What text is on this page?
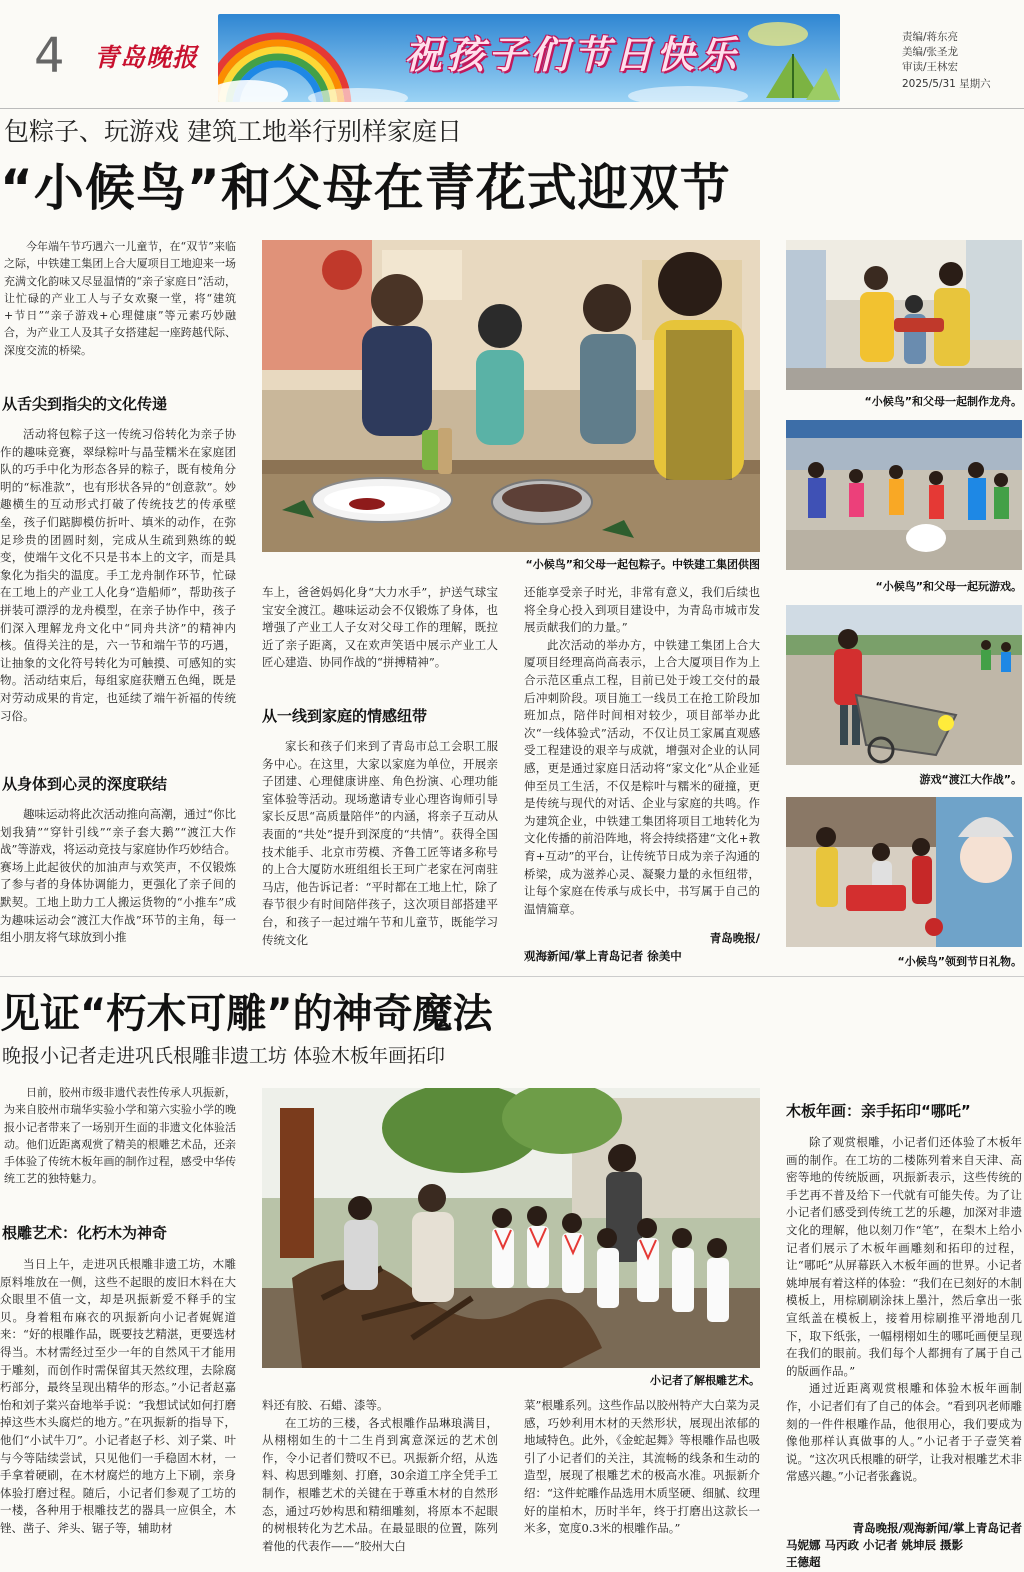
4 青岛晚报	祝孩子们节日快乐	责编/蒋东亮
美编/张圣龙
审读/王林宏
2025/5/31 星期六
包粽子、玩游戏 建筑工地举行别样家庭日
“小候鸟”和父母在青花式迎双节

今年端午节巧遇六一儿童节，在“双节”来临之际，中铁建工集团上合大厦项目工地迎来一场充满文化韵味又尽显温情的“亲子家庭日”活动，让忙碌的产业工人与子女欢聚一堂，将“建筑+节日”“亲子游戏+心理健康”等元素巧妙融合，为产业工人及其子女搭建起一座跨越代际、深度交流的桥梁。

从舌尖到指尖的文化传递

活动将包粽子这一传统习俗转化为亲子协作的趣味竞赛，翠绿粽叶与晶莹糯米在家庭团队的巧手中化为形态各异的粽子，既有棱角分明的“标准款”，也有形状各异的“创意款”。妙趣横生的互动形式打破了传统技艺的传承壁垒，孩子们踮脚模仿折叶、填米的动作，在弥足珍贵的团圆时刻，完成从生疏到熟练的蜕变，使端午文化不只是书本上的文字，而是具象化为指尖的温度。手工龙舟制作环节，忙碌在工地上的产业工人化身“造船师”，帮助孩子拼装可漂浮的龙舟模型，在亲子协作中，孩子们深入理解龙舟文化中“同舟共济”的精神内核。值得关注的是，六一节和端午节的巧遇，让抽象的文化符号转化为可触摸、可感知的实物。活动结束后，每组家庭获赠五色绳，既是对劳动成果的肯定，也延续了端午祈福的传统习俗。

从身体到心灵的深度联结

趣味运动将此次活动推向高潮，通过“你比划我猜”“穿针引线”“亲子套大鹅”“渡江大作战”等游戏，将运动竞技与家庭协作巧妙结合。赛场上此起彼伏的加油声与欢笑声，不仅锻炼了参与者的身体协调能力，更强化了亲子间的默契。工地上助力工人搬运货物的“小推车”成为趣味运动会“渡江大作战”环节的主角，每一组小朋友将气球放到小推

“小候鸟”和父母一起包粽子。中铁建工集团供图

车上，爸爸妈妈化身“大力水手”，护送气球宝宝安全渡江。趣味运动会不仅锻炼了身体，也增强了产业工人子女对父母工作的理解，既拉近了亲子距离，又在欢声笑语中展示产业工人匠心建造、协同作战的“拼搏精神”。

从一线到家庭的情感纽带

家长和孩子们来到了青岛市总工会职工服务中心。在这里，大家以家庭为单位，开展亲子团建、心理健康讲座、角色扮演、心理功能室体验等活动。现场邀请专业心理咨询师引导家长反思“高质量陪伴”的内涵，将亲子互动从表面的“共处”提升到深度的“共情”。获得全国技术能手、北京市劳模、齐鲁工匠等诸多称号的上合大厦防水班组组长王珂广老家在河南驻马店，他告诉记者：“平时都在工地上忙，除了春节很少有时间陪伴孩子，这次项目部搭建平台，和孩子一起过端午节和儿童节，既能学习传统文化

还能享受亲子时光，非常有意义，我们后续也将全身心投入到项目建设中，为青岛市城市发展贡献我们的力量。”

此次活动的举办方，中铁建工集团上合大厦项目经理高尚高表示，上合大厦项目作为上合示范区重点工程，目前已处于竣工交付的最后冲刺阶段。项目施工一线员工在抢工阶段加班加点，陪伴时间相对较少，项目部举办此次“一线体验式”活动，不仅让员工家属直观感受工程建设的艰辛与成就，增强对企业的认同感，更是通过家庭日活动将“家文化”从企业延伸至员工生活，不仅是粽叶与糯米的碰撞，更是传统与现代的对话、企业与家庭的共鸣。作为建筑企业，中铁建工集团将项目工地转化为文化传播的前沿阵地，将会持续搭建“文化+教育+互动”的平台，让传统节日成为亲子沟通的桥梁，成为滋养心灵、凝聚力量的永恒纽带，让每个家庭在传承与成长中，书写属于自己的温情篇章。

青岛晚报/
观海新闻/掌上青岛记者 徐美中
“小候鸟”和父母一起制作龙舟。
“小候鸟”和父母一起玩游戏。
游戏“渡江大作战”。
“小候鸟”领到节日礼物。
见证“朽木可雕”的神奇魔法
晚报小记者走进巩氏根雕非遗工坊 体验木板年画拓印

日前，胶州市级非遗代表性传承人巩振新，为来自胶州市瑞华实验小学和第六实验小学的晚报小记者带来了一场别开生面的非遗文化体验活动。他们近距离观赏了精美的根雕艺术品，还亲手体验了传统木板年画的制作过程，感受中华传统工艺的独特魅力。

根雕艺术：化朽木为神奇

当日上午，走进巩氏根雕非遗工坊，木雕原料堆放在一侧，这些不起眼的废旧木料在大众眼里不值一文，却是巩振新爱不释手的宝贝。身着粗布麻衣的巩振新向小记者娓娓道来：“好的根雕作品，既要技艺精湛，更要选材得当。木材需经过至少一年的自然风干才能用于雕刻，而创作时需保留其天然纹理，去除腐朽部分，最终呈现出精华的形态。”小记者赵嘉怡和刘子棠兴奋地举手说：“我想试试如何打磨掉这些木头腐烂的地方。”在巩振新的指导下，他们“小试牛刀”。小记者赵子杉、刘子棠、叶与今等陆续尝试，只见他们一手稳固木材，一手拿着硬刷，在木材腐烂的地方上下刷，亲身体验打磨过程。随后，小记者们参观了工坊的一楼，各种用于根雕技艺的器具一应俱全，木锉、凿子、斧头、锯子等，辅助材

小记者了解根雕艺术。

料还有胶、石蜡、漆等。

在工坊的三楼，各式根雕作品琳琅满目，从栩栩如生的十二生肖到寓意深远的艺术创作，令小记者们赞叹不已。巩振新介绍，从选料、构思到雕刻、打磨，30余道工序全凭手工制作，根雕艺术的关键在于尊重木材的自然形态，通过巧妙构思和精细雕刻，将原本不起眼的树根转化为艺术品。在最显眼的位置，陈列着他的代表作——“胶州大白

菜”根雕系列。这些作品以胶州特产大白菜为灵感，巧妙利用木材的天然形状，展现出浓郁的地域特色。此外，《金蛇起舞》等根雕作品也吸引了小记者们的关注，其流畅的线条和生动的造型，展现了根雕艺术的极高水准。巩振新介绍：“这件蛇雕作品选用木质坚硬、细腻、纹理好的崖柏木，历时半年，终于打磨出这款长一米多，宽度0.3米的根雕作品。”

木板年画：亲手拓印“哪吒”

除了观赏根雕，小记者们还体验了木板年画的制作。在工坊的二楼陈列着来自天津、高密等地的传统版画，巩振新表示，这些传统的手艺再不普及给下一代就有可能失传。为了让小记者们感受到传统工艺的乐趣，加深对非遗文化的理解，他以刻刀作“笔”，在梨木上给小记者们展示了木板年画雕刻和拓印的过程，让“哪吒”从屏幕跃入木板年画的世界。小记者姚坤展有着这样的体验：“我们在已刻好的木制模板上，用棕刷刷涂抹上墨汁，然后拿出一张宣纸盖在模板上，接着用棕刷推平滑地刮几下，取下纸张，一幅栩栩如生的哪吒画便呈现在我们的眼前。我们每个人都拥有了属于自己的版画作品。”

通过近距离观赏根雕和体验木板年画制作，小记者们有了自己的体会。“看到巩老师雕刻的一件件根雕作品，他很用心，我们要成为像他那样认真做事的人。”小记者于子壹笑着说。“这次巩氏根雕的研学，让我对根雕艺术非常感兴趣。”小记者张鑫说。

青岛晚报/观海新闻/掌上青岛记者
马妮娜 马丙政 小记者 姚坤辰 摄影
王德超
